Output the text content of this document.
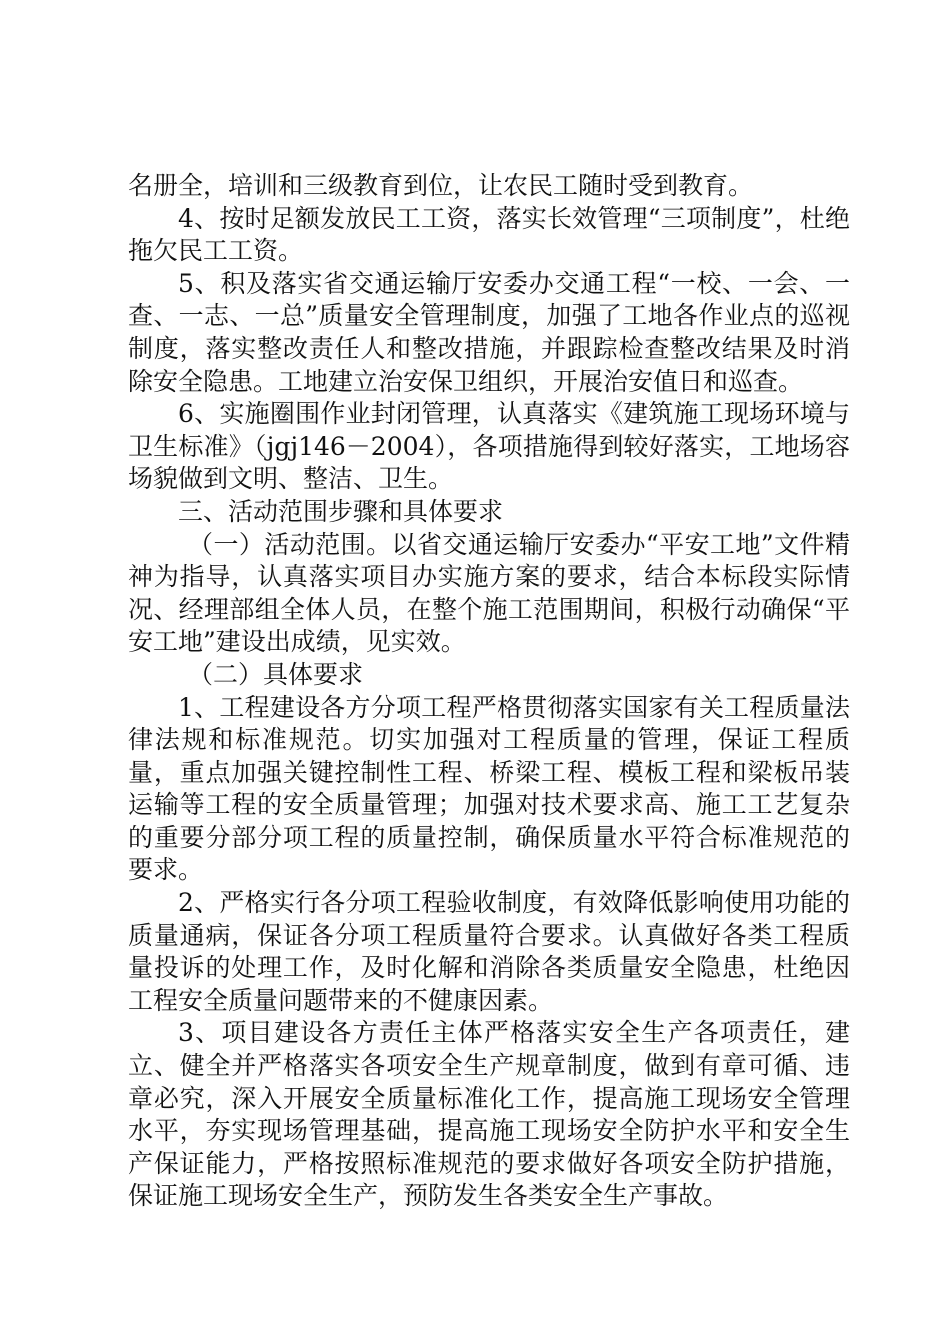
名册全，培训和三级教育到位，让农民工随时受到教育。

4、按时足额发放民工工资，落实长效管理“三项制度”，杜绝拖欠民工工资。

5、积及落实省交通运输厅安委办交通工程“一校、一会、一查、一志、一总”质量安全管理制度，加强了工地各作业点的巡视制度，落实整改责任人和整改措施，并跟踪检查整改结果及时消除安全隐患。工地建立治安保卫组织，开展治安值日和巡查。

6、实施圈围作业封闭管理，认真落实《建筑施工现场环境与卫生标准》（jgj146－2004），各项措施得到较好落实，工地场容场貌做到文明、整洁、卫生。

三、活动范围步骤和具体要求

（一）活动范围。以省交通运输厅安委办“平安工地”文件精神为指导，认真落实项目办实施方案的要求，结合本标段实际情况、经理部组全体人员，在整个施工范围期间，积极行动确保“平安工地”建设出成绩，见实效。

（二）具体要求

1、工程建设各方分项工程严格贯彻落实国家有关工程质量法律法规和标准规范。切实加强对工程质量的管理，保证工程质量，重点加强关键控制性工程、桥梁工程、模板工程和梁板吊装运输等工程的安全质量管理；加强对技术要求高、施工工艺复杂的重要分部分项工程的质量控制，确保质量水平符合标准规范的要求。

2、严格实行各分项工程验收制度，有效降低影响使用功能的质量通病，保证各分项工程质量符合要求。认真做好各类工程质量投诉的处理工作，及时化解和消除各类质量安全隐患，杜绝因工程安全质量问题带来的不健康因素。

3、项目建设各方责任主体严格落实安全生产各项责任，建立、健全并严格落实各项安全生产规章制度，做到有章可循、违章必究，深入开展安全质量标准化工作，提高施工现场安全管理水平，夯实现场管理基础，提高施工现场安全防护水平和安全生产保证能力，严格按照标准规范的要求做好各项安全防护措施，保证施工现场安全生产，预防发生各类安全生产事故。
